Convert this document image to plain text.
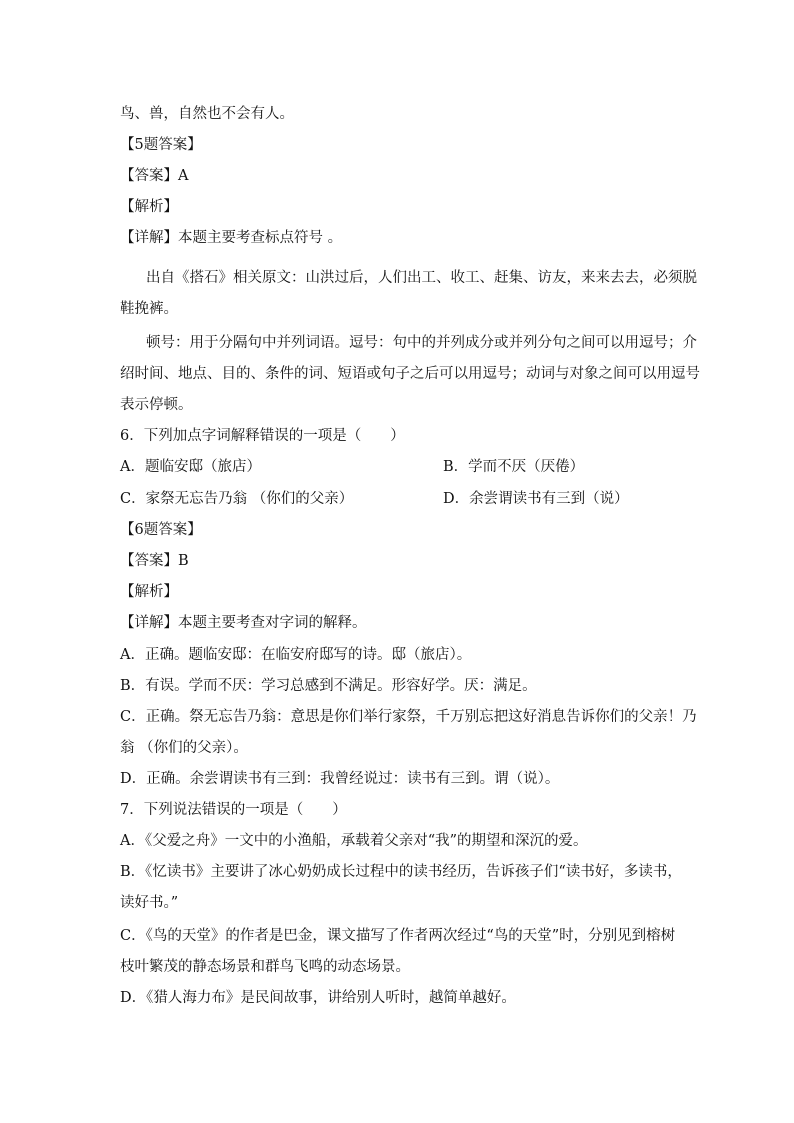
鸟、兽，自然也不会有人。
【5题答案】
【答案】A
【解析】
【详解】本题主要考查标点符号 。
出自《搭石》相关原文：山洪过后，人们出工、收工、赶集、访友，来来去去，必须脱
鞋挽裤。
顿号：用于分隔句中并列词语。逗号：句中的并列成分或并列分句之间可以用逗号；介
绍时间、地点、目的、条件的词、短语或句子之后可以用逗号；动词与对象之间可以用逗号
表示停顿。
6．下列加点字词解释错误的一项是（　　）
A．题临安邸（旅店）	B．学而不厌（厌倦）
C．家祭无忘告乃翁 （你们的父亲）	D．余尝谓读书有三到（说）
【6题答案】
【答案】B
【解析】
【详解】本题主要考查对字词的解释。
A．正确。题临安邸：在临安府邸写的诗。邸（旅店）。
B．有误。学而不厌：学习总感到不满足。形容好学。厌：满足。
C．正确。祭无忘告乃翁：意思是你们举行家祭，千万别忘把这好消息告诉你们的父亲！乃
翁 （你们的父亲）。
D．正确。余尝谓读书有三到：我曾经说过：读书有三到。谓（说）。
7．下列说法错误的一项是（　　）
A．《父爱之舟》一文中的小渔船，承载着父亲对“我”的期望和深沉的爱。
B．《忆读书》主要讲了冰心奶奶成长过程中的读书经历，告诉孩子们“读书好，多读书，
读好书。”
C．《鸟的天堂》的作者是巴金，课文描写了作者两次经过“鸟的天堂”时，分别见到榕树
枝叶繁茂的静态场景和群鸟飞鸣的动态场景。
D．《猎人海力布》是民间故事，讲给别人听时，越简单越好。
